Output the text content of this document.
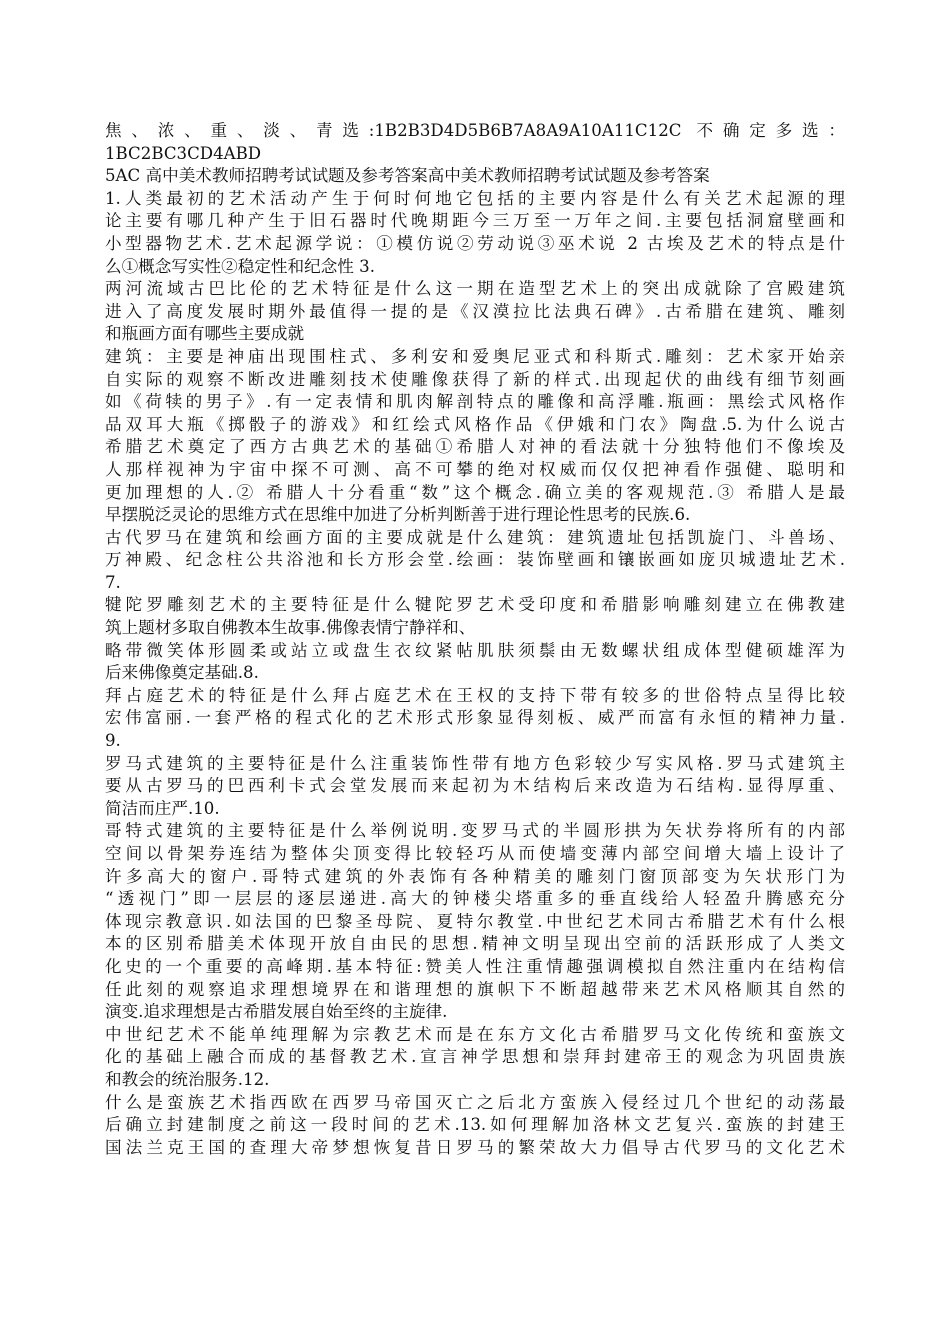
焦、浓、重、淡、青选:1B2B3D4D5B6B7A8A9A10A11C12C 不确定多选：
1BC2BC3CD4ABD
5AC 高中美术教师招聘考试试题及参考答案高中美术教师招聘考试试题及参考答案
1.人类最初的艺术活动产生于何时何地它包括的主要内容是什么有关艺术起源的理
论主要有哪几种产生于旧石器时代晚期距今三万至一万年之间.主要包括洞窟壁画和
小型器物艺术.艺术起源学说：①模仿说②劳动说③巫术说 2 古埃及艺术的特点是什
么①概念写实性②稳定性和纪念性 3.
两河流域古巴比伦的艺术特征是什么这一期在造型艺术上的突出成就除了宫殿建筑
进入了高度发展时期外最值得一提的是《汉漠拉比法典石碑》.古希腊在建筑、雕刻
和瓶画方面有哪些主要成就
建筑：主要是神庙出现围柱式、多利安和爱奥尼亚式和科斯式.雕刻：艺术家开始亲
自实际的观察不断改进雕刻技术使雕像获得了新的样式.出现起伏的曲线有细节刻画
如《荷犊的男子》.有一定表情和肌肉解剖特点的雕像和高浮雕.瓶画：黑绘式风格作
品双耳大瓶《掷骰子的游戏》和红绘式风格作品《伊娥和门农》陶盘.5.为什么说古
希腊艺术奠定了西方古典艺术的基础①希腊人对神的看法就十分独特他们不像埃及
人那样视神为宇宙中探不可测、高不可攀的绝对权威而仅仅把神看作强健、聪明和
更加理想的人.② 希腊人十分看重“数”这个概念.确立美的客观规范.③ 希腊人是最
早摆脱泛灵论的思维方式在思维中加进了分析判断善于进行理论性思考的民族.6.
古代罗马在建筑和绘画方面的主要成就是什么建筑：建筑遗址包括凯旋门、斗兽场、
万神殿、纪念柱公共浴池和长方形会堂.绘画：装饰壁画和镶嵌画如庞贝城遗址艺术.
7.
犍陀罗雕刻艺术的主要特征是什么犍陀罗艺术受印度和希腊影响雕刻建立在佛教建
筑上题材多取自佛教本生故事.佛像表情宁静祥和、
略带微笑体形圆柔或站立或盘生衣纹紧帖肌肤须鬃由无数螺状组成体型健硕雄浑为
后来佛像奠定基础.8.
拜占庭艺术的特征是什么拜占庭艺术在王权的支持下带有较多的世俗特点呈得比较
宏伟富丽.一套严格的程式化的艺术形式形象显得刻板、威严而富有永恒的精神力量.
9.
罗马式建筑的主要特征是什么注重装饰性带有地方色彩较少写实风格.罗马式建筑主
要从古罗马的巴西利卡式会堂发展而来起初为木结构后来改造为石结构.显得厚重、
简洁而庄严.10.
哥特式建筑的主要特征是什么举例说明.变罗马式的半圆形拱为矢状券将所有的内部
空间以骨架券连结为整体尖顶变得比较轻巧从而使墙变薄内部空间增大墙上设计了
许多高大的窗户.哥特式建筑的外表饰有各种精美的雕刻门窗顶部变为矢状形门为
“透视门”即一层层的逐层递进.高大的钟楼尖塔重多的垂直线给人轻盈升腾感充分
体现宗教意识.如法国的巴黎圣母院、夏特尔教堂.中世纪艺术同古希腊艺术有什么根
本的区别希腊美术体现开放自由民的思想.精神文明呈现出空前的活跃形成了人类文
化史的一个重要的高峰期.基本特征:赞美人性注重情趣强调模拟自然注重内在结构信
任此刻的观察追求理想境界在和谐理想的旗帜下不断超越带来艺术风格顺其自然的
演变.追求理想是古希腊发展自始至终的主旋律.
中世纪艺术不能单纯理解为宗教艺术而是在东方文化古希腊罗马文化传统和蛮族文
化的基础上融合而成的基督教艺术.宣言神学思想和崇拜封建帝王的观念为巩固贵族
和教会的统治服务.12.
什么是蛮族艺术指西欧在西罗马帝国灭亡之后北方蛮族入侵经过几个世纪的动荡最
后确立封建制度之前这一段时间的艺术.13.如何理解加洛林文艺复兴.蛮族的封建王
国法兰克王国的查理大帝梦想恢复昔日罗马的繁荣故大力倡导古代罗马的文化艺术
